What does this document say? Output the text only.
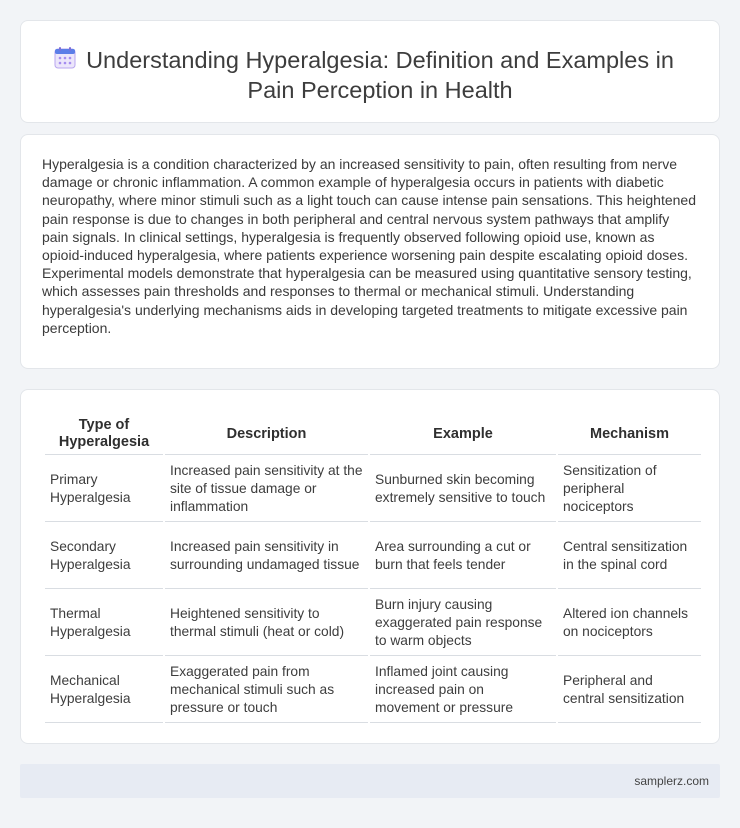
Understanding Hyperalgesia: Definition and Examples in Pain Perception in Health

Hyperalgesia is a condition characterized by an increased sensitivity to pain, often resulting from nerve damage or chronic inflammation. A common example of hyperalgesia occurs in patients with diabetic neuropathy, where minor stimuli such as a light touch can cause intense pain sensations. This heightened pain response is due to changes in both peripheral and central nervous system pathways that amplify pain signals. In clinical settings, hyperalgesia is frequently observed following opioid use, known as opioid-induced hyperalgesia, where patients experience worsening pain despite escalating opioid doses. Experimental models demonstrate that hyperalgesia can be measured using quantitative sensory testing, which assesses pain thresholds and responses to thermal or mechanical stimuli. Understanding hyperalgesia's underlying mechanisms aids in developing targeted treatments to mitigate excessive pain perception.

Type of Hyperalgesia	Description	Example	Mechanism
Primary Hyperalgesia	Increased pain sensitivity at the site of tissue damage or inflammation	Sunburned skin becoming extremely sensitive to touch	Sensitization of peripheral nociceptors
Secondary Hyperalgesia	Increased pain sensitivity in surrounding undamaged tissue	Area surrounding a cut or burn that feels tender	Central sensitization in the spinal cord
Thermal Hyperalgesia	Heightened sensitivity to thermal stimuli (heat or cold)	Burn injury causing exaggerated pain response to warm objects	Altered ion channels on nociceptors
Mechanical Hyperalgesia	Exaggerated pain from mechanical stimuli such as pressure or touch	Inflamed joint causing increased pain on movement or pressure	Peripheral and central sensitization
samplerz.com
